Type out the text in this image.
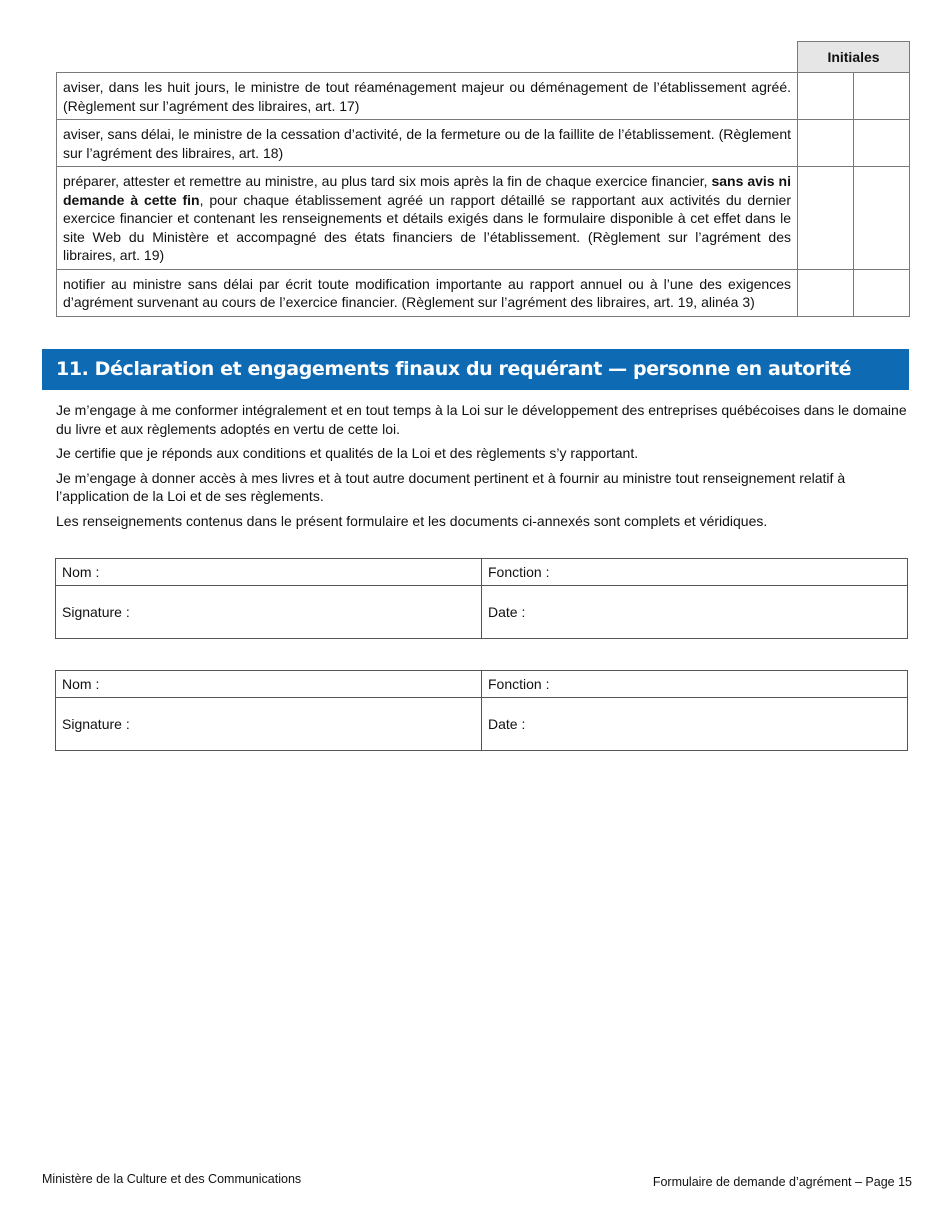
	Initiales	
aviser, dans les huit jours, le ministre de tout réaménagement majeur ou déménagement de l’établissement agréé. (Règlement sur l’agrément des libraires, art. 17)		
aviser, sans délai, le ministre de la cessation d’activité, de la fermeture ou de la faillite de l’établissement. (Règlement sur l’agrément des libraires, art. 18)		
préparer, attester et remettre au ministre, au plus tard six mois après la fin de chaque exercice financier, sans avis ni demande à cette fin, pour chaque établissement agréé un rapport détaillé se rapportant aux activités du dernier exercice financier et contenant les renseignements et détails exigés dans le formulaire disponible à cet effet dans le site Web du Ministère et accompagné des états financiers de l’établissement. (Règlement sur l’agrément des libraires, art. 19)		
notifier au ministre sans délai par écrit toute modification importante au rapport annuel ou à l’une des exigences d’agrément survenant au cours de l’exercice financier. (Règlement sur l’agrément des libraires, art. 19, alinéa 3)		
11. Déclaration et engagements finaux du requérant — personne en autorité

Je m’engage à me conformer intégralement et en tout temps à la Loi sur le développement des entreprises québécoises dans le domaine du livre et aux règlements adoptés en vertu de cette loi.

Je certifie que je réponds aux conditions et qualités de la Loi et des règlements s’y rapportant.

Je m’engage à donner accès à mes livres et à tout autre document pertinent et à fournir au ministre tout renseignement relatif à l’application de la Loi et de ses règlements.

Les renseignements contenus dans le présent formulaire et les documents ci-annexés sont complets et véridiques.

Nom :	Fonction :
Signature :	Date :
Nom :	Fonction :
Signature :	Date :
Ministère de la Culture et des Communications	Formulaire de demande d’agrément – Page 15
